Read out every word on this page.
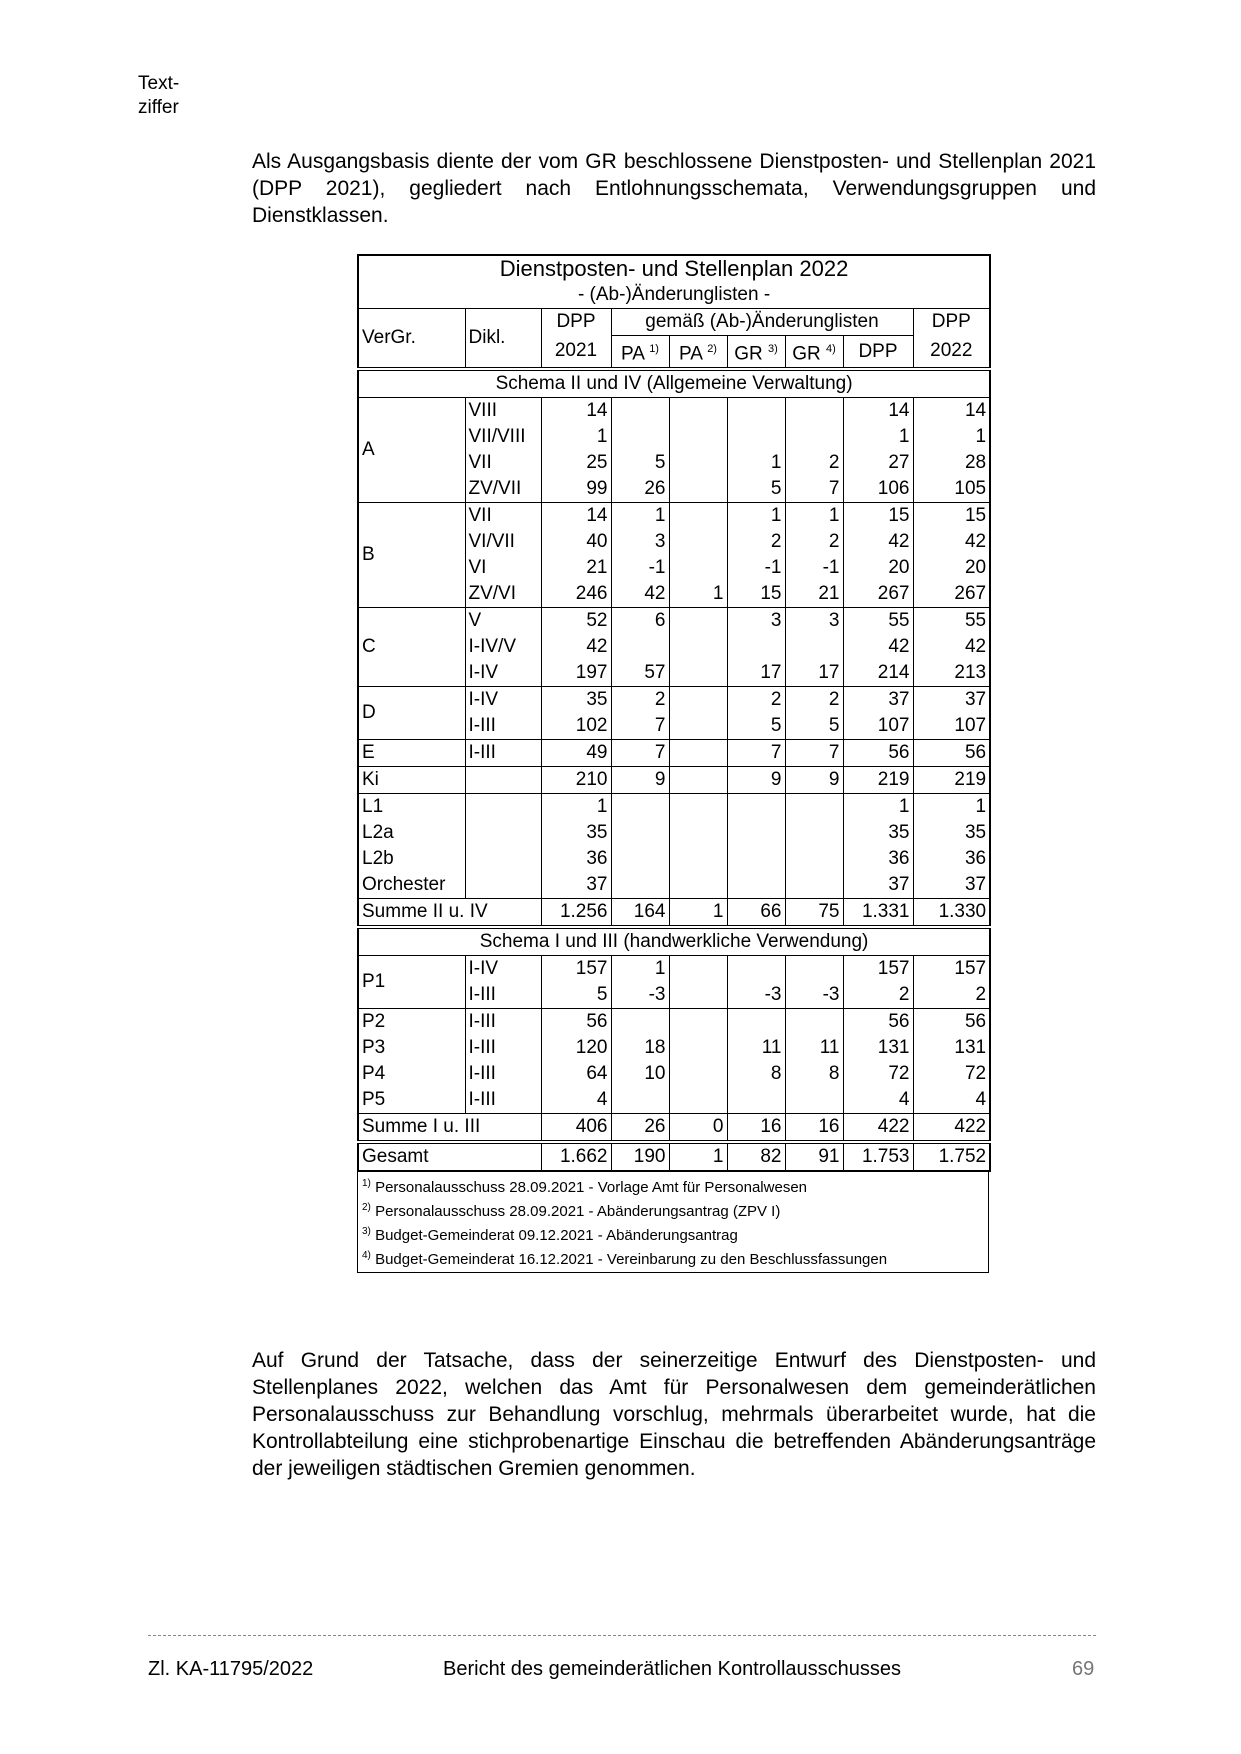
Text-
ziffer
Als Ausgangsbasis diente der vom GR beschlossene Dienstposten- und Stellenplan 2021 (DPP 2021), gegliedert nach Entlohnungsschemata, Verwendungsgruppen und Dienstklassen.
Dienstposten- und Stellenplan 2022								
- (Ab-)Änderunglisten -								
VerGr.	Dikl.	DPP	gemäß (Ab-)Änderunglisten					DPP
		2021	PA $^{1)}$	PA $^{2)}$	GR $^{3)}$	GR $^{4)}$	DPP	2022
Schema II und IV (Allgemeine Verwaltung)								
A	VIII	14					14	14
	VII/VIII	1					1	1
	VII	25	5		1	2	27	28
	ZV/VII	99	26		5	7	106	105
B	VII	14	1		1	1	15	15
	VI/VII	40	3		2	2	42	42
	VI	21	-1		-1	-1	20	20
	ZV/VI	246	42	1	15	21	267	267
C	V	52	6		3	3	55	55
	I-IV/V	42					42	42
	I-IV	197	57		17	17	214	213
D	I-IV	35	2		2	2	37	37
	I-III	102	7		5	5	107	107
E	I-III	49	7		7	7	56	56
Ki		210	9		9	9	219	219
L1		1					1	1
L2a		35					35	35
L2b		36					36	36
Orchester		37					37	37
Summe II u. IV		1.256	164	1	66	75	1.331	1.330
Schema I und III (handwerkliche Verwendung)								
P1	I-IV	157	1				157	157
	I-III	5	-3		-3	-3	2	2
P2	I-III	56					56	56
P3	I-III	120	18		11	11	131	131
P4	I-III	64	10		8	8	72	72
P5	I-III	4					4	4
Summe I u. III		406	26	0	16	16	422	422
Gesamt		1.662	190	1	82	91	1.753	1.752
$^{1)}$ Personalausschuss 28.09.2021 - Vorlage Amt für Personalwesen
$^{2)}$ Personalausschuss 28.09.2021 - Abänderungsantrag (ZPV I)
$^{3)}$ Budget-Gemeinderat 09.12.2021 - Abänderungsantrag
$^{4)}$ Budget-Gemeinderat 16.12.2021 - Vereinbarung zu den Beschlussfassungen
Auf Grund der Tatsache, dass der seinerzeitige Entwurf des Dienstposten- und Stellenplanes 2022, welchen das Amt für Personalwesen dem gemeinderätlichen Personalausschuss zur Behandlung vorschlug, mehrmals überarbeitet wurde, hat die Kontrollabteilung eine stichprobenartige Einschau die betreffenden Abänderungsanträge der jeweiligen städtischen Gremien genommen.
Zl. KA-11795/2022	Bericht des gemeinderätlichen Kontrollausschusses	69
